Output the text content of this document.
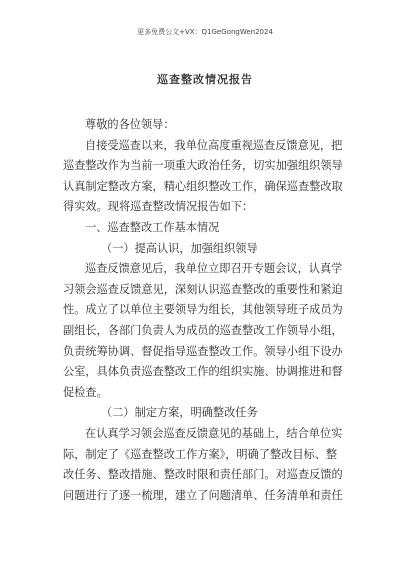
更多免费公文+VX：Q1GeGongWen2024
巡查整改情况报告
尊敬的各位领导：
自接受巡查以来，我单位高度重视巡查反馈意见，把
巡查整改作为当前一项重大政治任务，切实加强组织领导
认真制定整改方案，精心组织整改工作，确保巡查整改取
得实效。现将巡查整改情况报告如下：
一、巡查整改工作基本情况
（一）提高认识，加强组织领导
巡查反馈意见后，我单位立即召开专题会议，认真学
习领会巡查反馈意见，深刻认识巡查整改的重要性和紧迫
性。成立了以单位主要领导为组长，其他领导班子成员为
副组长，各部门负责人为成员的巡查整改工作领导小组，
负责统筹协调、督促指导巡查整改工作。领导小组下设办
公室，具体负责巡查整改工作的组织实施、协调推进和督
促检查。
（二）制定方案，明确整改任务
在认真学习领会巡查反馈意见的基础上，结合单位实
际，制定了《巡查整改工作方案》，明确了整改目标、整
改任务、整改措施、整改时限和责任部门。对巡查反馈的
问题进行了逐一梳理，建立了问题清单、任务清单和责任
